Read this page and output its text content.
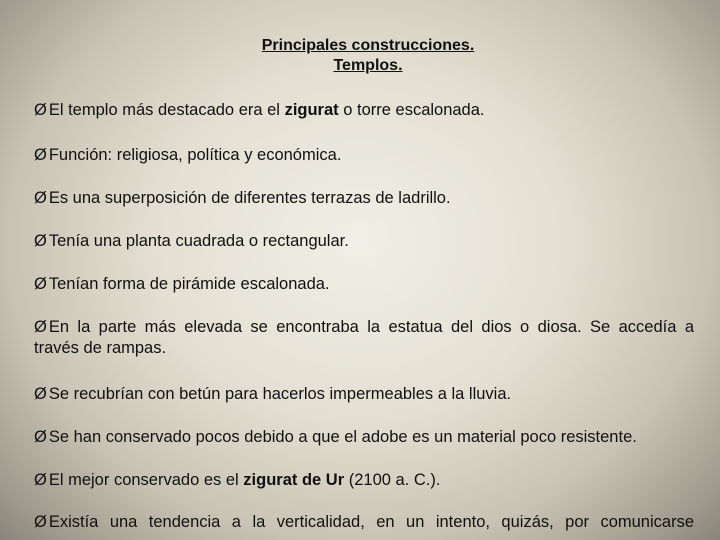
Principales construcciones.
Templos.
Ø El templo más destacado era el zigurat o torre escalonada.
Ø Función: religiosa, política y económica.
Ø Es una superposición de diferentes terrazas de ladrillo.
Ø Tenía una planta cuadrada o rectangular.
Ø Tenían forma de pirámide escalonada.
Ø En la parte más elevada se encontraba la estatua del dios o diosa. Se accedía a
través de rampas.
Ø Se recubrían con betún para hacerlos impermeables a la lluvia.
Ø Se han conservado pocos debido a que el adobe es un material poco resistente.
Ø El mejor conservado es el zigurat de Ur (2100 a. C.).
Ø Existía una tendencia a la verticalidad, en un intento, quizás, por comunicarse
